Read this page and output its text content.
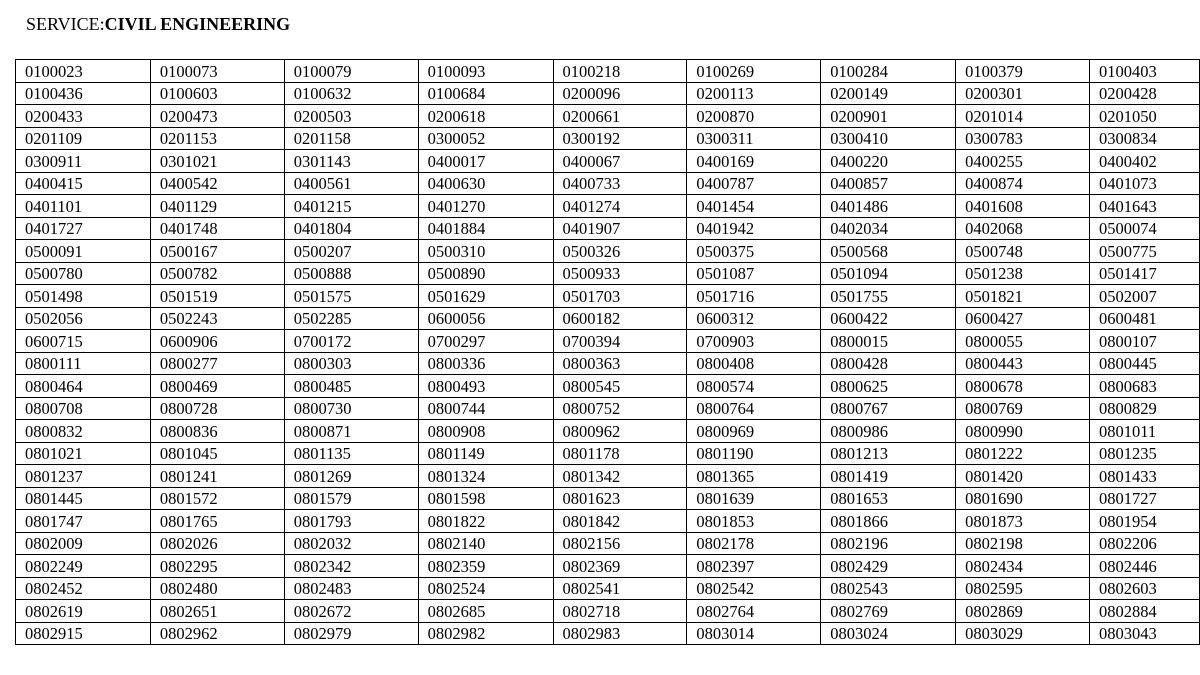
SERVICE:CIVIL ENGINEERING
0100023	0100073	0100079	0100093	0100218	0100269	0100284	0100379	0100403
0100436	0100603	0100632	0100684	0200096	0200113	0200149	0200301	0200428
0200433	0200473	0200503	0200618	0200661	0200870	0200901	0201014	0201050
0201109	0201153	0201158	0300052	0300192	0300311	0300410	0300783	0300834
0300911	0301021	0301143	0400017	0400067	0400169	0400220	0400255	0400402
0400415	0400542	0400561	0400630	0400733	0400787	0400857	0400874	0401073
0401101	0401129	0401215	0401270	0401274	0401454	0401486	0401608	0401643
0401727	0401748	0401804	0401884	0401907	0401942	0402034	0402068	0500074
0500091	0500167	0500207	0500310	0500326	0500375	0500568	0500748	0500775
0500780	0500782	0500888	0500890	0500933	0501087	0501094	0501238	0501417
0501498	0501519	0501575	0501629	0501703	0501716	0501755	0501821	0502007
0502056	0502243	0502285	0600056	0600182	0600312	0600422	0600427	0600481
0600715	0600906	0700172	0700297	0700394	0700903	0800015	0800055	0800107
0800111	0800277	0800303	0800336	0800363	0800408	0800428	0800443	0800445
0800464	0800469	0800485	0800493	0800545	0800574	0800625	0800678	0800683
0800708	0800728	0800730	0800744	0800752	0800764	0800767	0800769	0800829
0800832	0800836	0800871	0800908	0800962	0800969	0800986	0800990	0801011
0801021	0801045	0801135	0801149	0801178	0801190	0801213	0801222	0801235
0801237	0801241	0801269	0801324	0801342	0801365	0801419	0801420	0801433
0801445	0801572	0801579	0801598	0801623	0801639	0801653	0801690	0801727
0801747	0801765	0801793	0801822	0801842	0801853	0801866	0801873	0801954
0802009	0802026	0802032	0802140	0802156	0802178	0802196	0802198	0802206
0802249	0802295	0802342	0802359	0802369	0802397	0802429	0802434	0802446
0802452	0802480	0802483	0802524	0802541	0802542	0802543	0802595	0802603
0802619	0802651	0802672	0802685	0802718	0802764	0802769	0802869	0802884
0802915	0802962	0802979	0802982	0802983	0803014	0803024	0803029	0803043
